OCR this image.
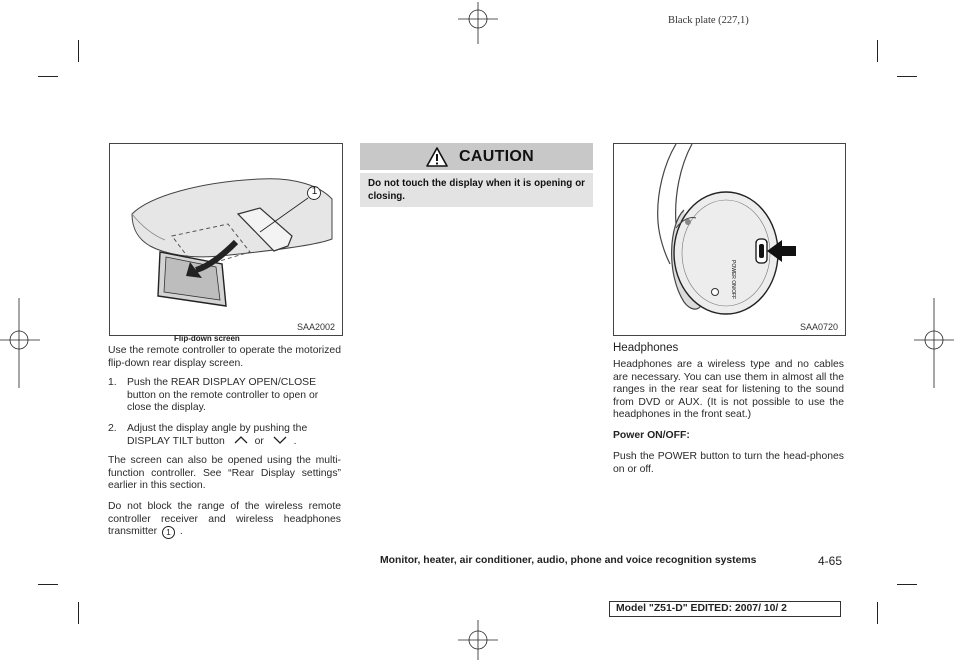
Black plate (227,1)
1
SAA2002
Flip-down screen
Use the remote controller to operate the motorized flip-down rear display screen.
1. Push the REAR DISPLAY OPEN/CLOSE
button on the remote controller to open or
close the display.
2. Adjust the display angle by pushing the
DISPLAY TILT button	or	.
The screen can also be opened using the multi-function controller. See “Rear Display settings” earlier in this section.
Do not block the range of the wireless remote controller receiver and wireless headphones transmitter 1 .
CAUTION
Do not touch the display when it is opening or closing.
POWER ON/OFF
SAA0720
Headphones
Headphones are a wireless type and no cables are necessary. You can use them in almost all the ranges in the rear seat for listening to the sound from DVD or AUX. (It is not possible to use the headphones in the front seat.)
Power ON/OFF:
Push the POWER button to turn the head-phones on or off.
Monitor, heater, air conditioner, audio, phone and voice recognition systems	4-65
Model "Z51-D" EDITED: 2007/ 10/ 2
